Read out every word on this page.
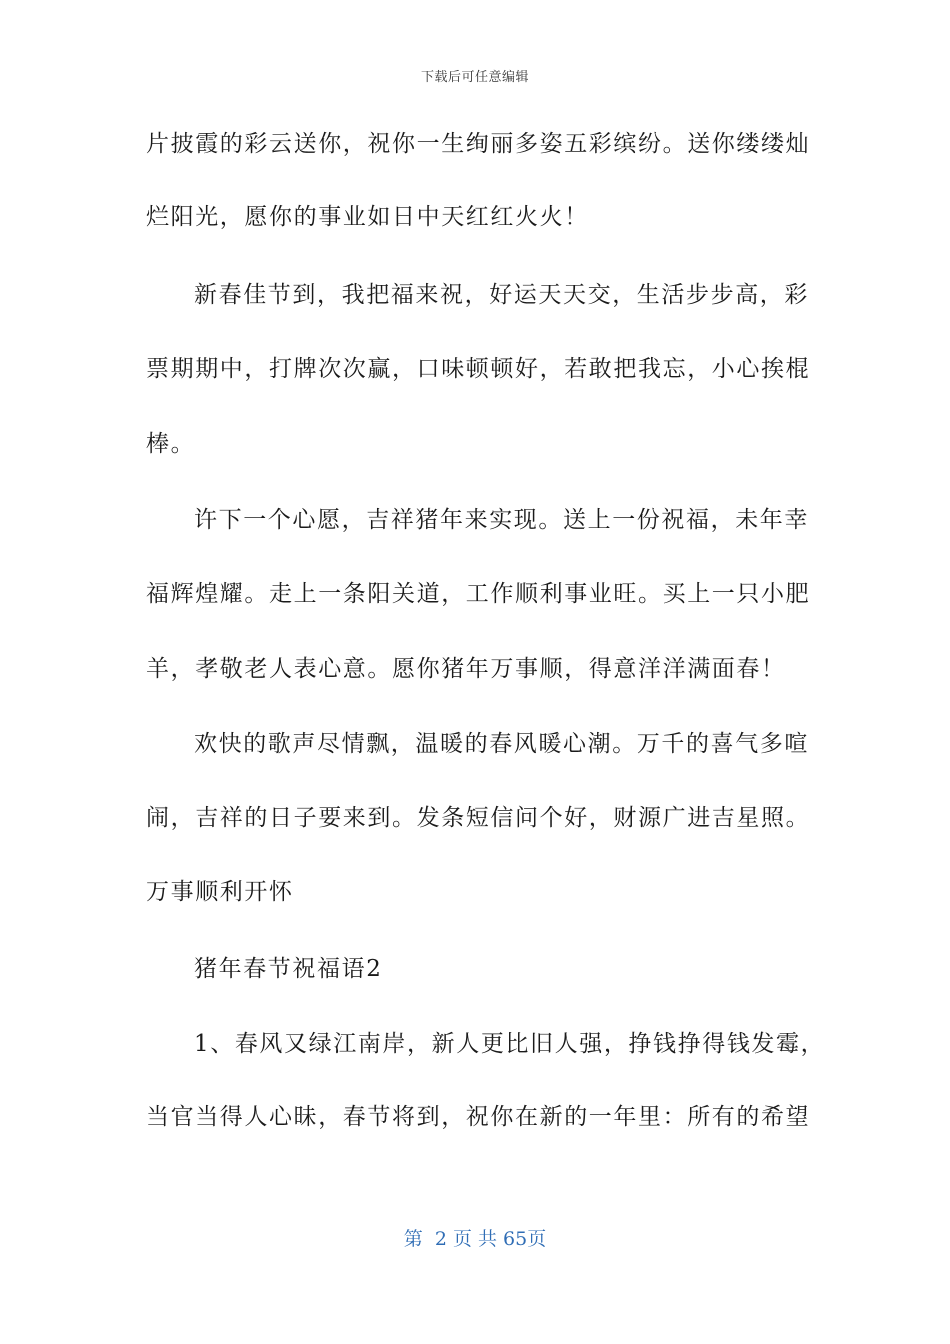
下载后可任意编辑
片披霞的彩云送你，祝你一生绚丽多姿五彩缤纷。送你缕缕灿
烂阳光，愿你的事业如日中天红红火火！
新春佳节到，我把福来祝，好运天天交，生活步步高，彩
票期期中，打牌次次赢，口味顿顿好，若敢把我忘，小心挨棍
棒。
许下一个心愿，吉祥猪年来实现。送上一份祝福，未年幸
福辉煌耀。走上一条阳关道，工作顺利事业旺。买上一只小肥
羊，孝敬老人表心意。愿你猪年万事顺，得意洋洋满面春！
欢快的歌声尽情飘，温暖的春风暖心潮。万千的喜气多喧
闹，吉祥的日子要来到。发条短信问个好，财源广进吉星照。
万事顺利开怀
猪年春节祝福语2
1、春风又绿江南岸，新人更比旧人强，挣钱挣得钱发霉，
当官当得人心昧，春节将到，祝你在新的一年里：所有的希望
第  2 页 共 65页
